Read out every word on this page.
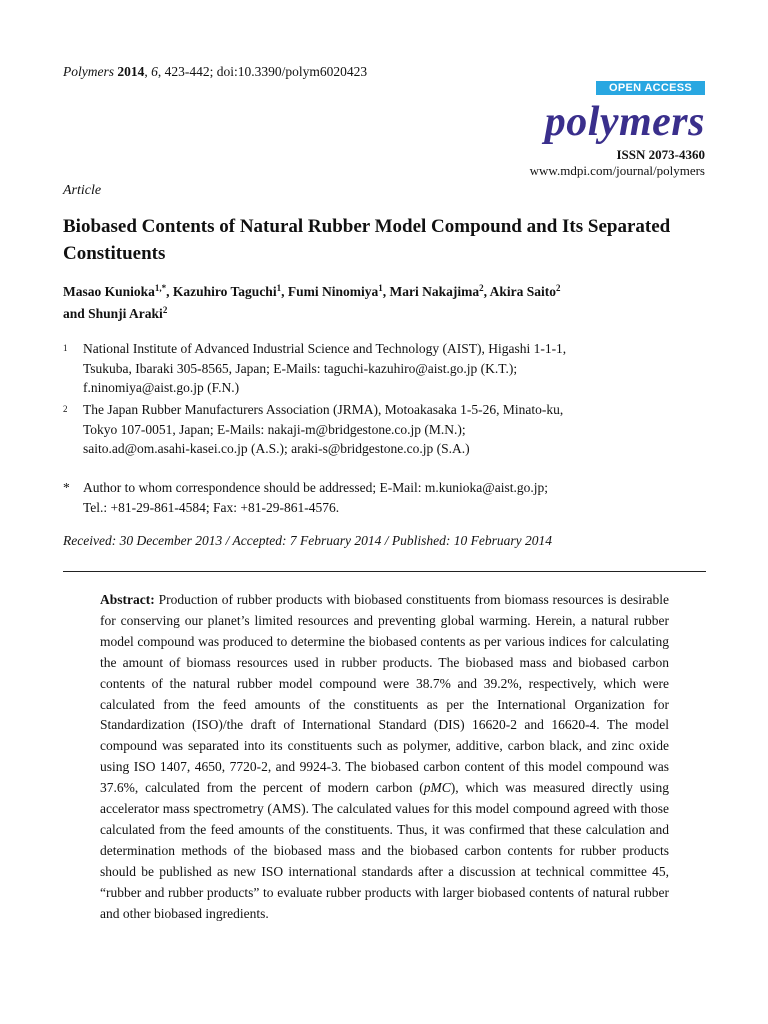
Polymers 2014, 6, 423-442; doi:10.3390/polym6020423
OPEN ACCESS
polymers
ISSN 2073-4360
www.mdpi.com/journal/polymers
Article
Biobased Contents of Natural Rubber Model Compound and Its Separated Constituents
Masao Kunioka$^{1,*}$, Kazuhiro Taguchi$^1$, Fumi Ninomiya$^1$, Mari Nakajima$^2$, Akira Saito$^2$
and Shunji Araki$^2$
1 National Institute of Advanced Industrial Science and Technology (AIST), Higashi 1-1-1,
Tsukuba, Ibaraki 305-8565, Japan; E-Mails: taguchi-kazuhiro@aist.go.jp (K.T.);
f.ninomiya@aist.go.jp (F.N.)
2 The Japan Rubber Manufacturers Association (JRMA), Motoakasaka 1-5-26, Minato-ku,
Tokyo 107-0051, Japan; E-Mails: nakaji-m@bridgestone.co.jp (M.N.);
saito.ad@om.asahi-kasei.co.jp (A.S.); araki-s@bridgestone.co.jp (S.A.)
* Author to whom correspondence should be addressed; E-Mail: m.kunioka@aist.go.jp;
Tel.: +81-29-861-4584; Fax: +81-29-861-4576.
Received: 30 December 2013 / Accepted: 7 February 2014 / Published: 10 February 2014
Abstract: Production of rubber products with biobased constituents from biomass resources is desirable for conserving our planet’s limited resources and preventing global warming. Herein, a natural rubber model compound was produced to determine the biobased contents as per various indices for calculating the amount of biomass resources used in rubber products. The biobased mass and biobased carbon contents of the natural rubber model compound were 38.7% and 39.2%, respectively, which were calculated from the feed amounts of the constituents as per the International Organization for Standardization (ISO)/the draft of International Standard (DIS) 16620-2 and 16620-4. The model compound was separated into its constituents such as polymer, additive, carbon black, and zinc oxide using ISO 1407, 4650, 7720-2, and 9924-3. The biobased carbon content of this model compound was 37.6%, calculated from the percent of modern carbon (pMC), which was measured directly using accelerator mass spectrometry (AMS). The calculated values for this model compound agreed with those calculated from the feed amounts of the constituents. Thus, it was confirmed that these calculation and determination methods of the biobased mass and the biobased carbon contents for rubber products should be published as new ISO international standards after a discussion at technical committee 45, “rubber and rubber products” to evaluate rubber products with larger biobased contents of natural rubber and other biobased ingredients.
